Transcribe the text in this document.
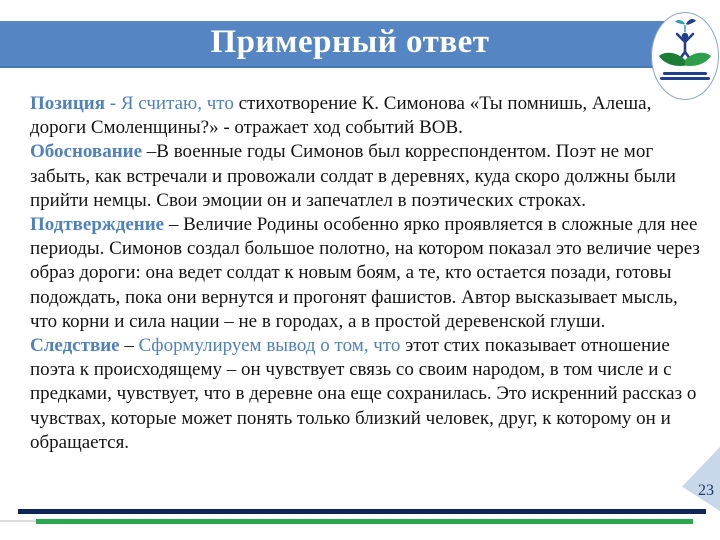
Примерный ответ

Позиция - Я считаю, что стихотворение К. Симонова «Ты помнишь, Алеша, дороги Смоленщины?» - отражает ход событий ВОВ.

Обоснование –В военные годы Симонов был корреспондентом. Поэт не мог забыть, как встречали и провожали солдат в деревнях, куда скоро должны были прийти немцы. Свои эмоции он и запечатлел в поэтических строках.

Подтверждение – Величие Родины особенно ярко проявляется в сложные для нее периоды. Симонов создал большое полотно, на котором показал это величие через образ дороги: она ведет солдат к новым боям, а те, кто остается позади, готовы подождать, пока они вернутся и прогонят фашистов. Автор высказывает мысль, что корни и сила нации – не в городах, а в простой деревенской глуши.

Следствие – Сформулируем вывод о том, что этот стих показывает отношение поэта к происходящему – он чувствует связь со своим народом, в том числе и с предками, чувствует, что в деревне она еще сохранилась. Это искренний рассказ о чувствах, которые может понять только близкий человек, друг, к которому он и обращается.

23
